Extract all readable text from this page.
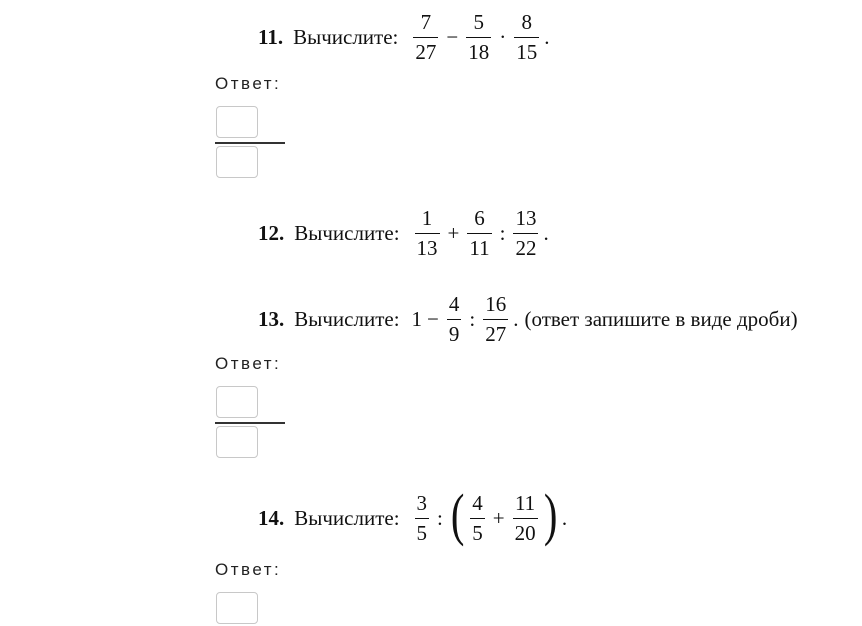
11. Вычислите: $\frac{7}{27} - \frac{5}{18} \cdot \frac{8}{15}$ .
Ответ:
12. Вычислите: $\frac{1}{13} + \frac{6}{11}$ : $\frac{13}{22}$ .
13. Вычислите: $1 - \frac{4}{9}$ : $\frac{16}{27}$ . (ответ запишите в виде дроби)
Ответ:
14. Вычислите: $\frac{3}{5}$ : ( $\frac{4}{5} + \frac{11}{20}$ ) .
Ответ:
